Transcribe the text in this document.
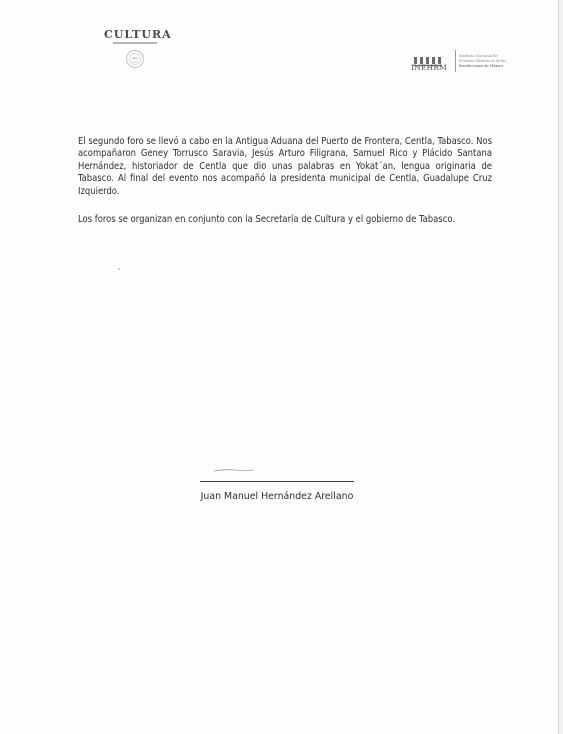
CULTURA
INEHRM
Instituto Nacional de
Estudios Históricos de las
Revoluciones de México

El segundo foro se llevó a cabo en la Antigua Aduana del Puerto de Frontera, Centla, Tabasco. Nos acompañaron Geney Torrusco Saravia, Jesús Arturo Filigrana, Samuel Rico y Plácido Santana Hernández, historiador de Centla que dio unas palabras en Yokat´an, lengua originaria de Tabasco. Al final del evento nos acompañó la presidenta municipal de Centla, Guadalupe Cruz Izquierdo.

Los foros se organizan en conjunto con la Secretaría de Cultura y el gobierno de Tabasco.

Juan Manuel Hernández Arellano
